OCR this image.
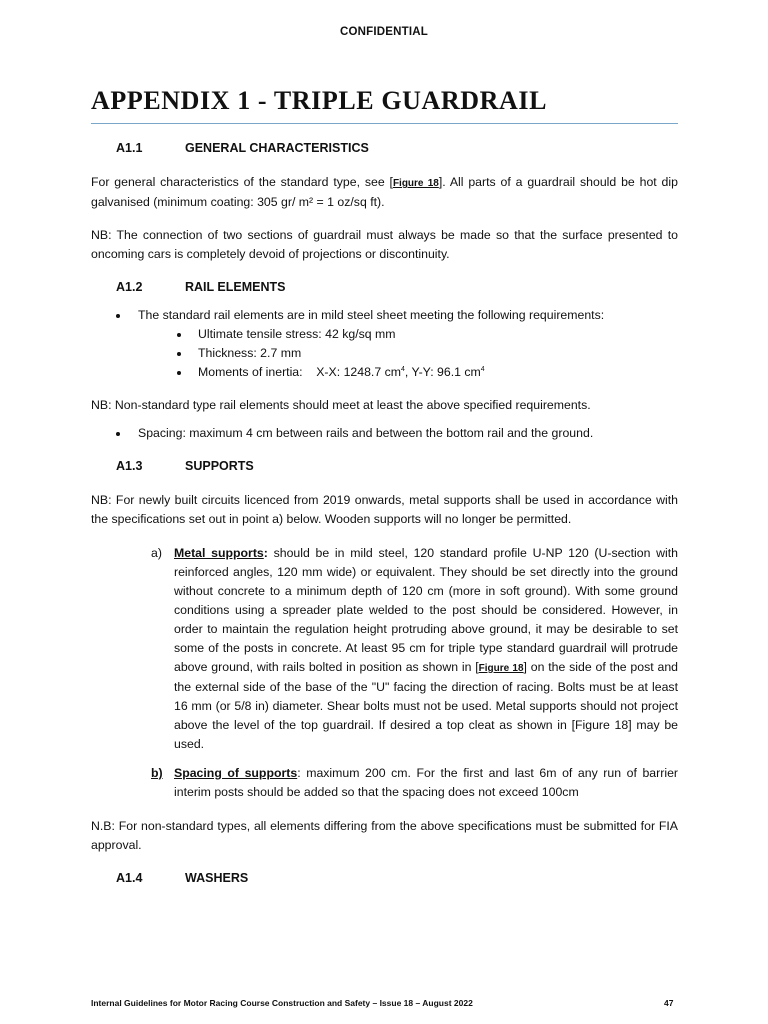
CONFIDENTIAL
APPENDIX 1 - TRIPLE GUARDRAIL
A1.1	GENERAL CHARACTERISTICS
For general characteristics of the standard type, see [Figure 18]. All parts of a guardrail should be hot dip galvanised (minimum coating: 305 gr/ m² = 1 oz/sq ft).
NB: The connection of two sections of guardrail must always be made so that the surface presented to oncoming cars is completely devoid of projections or discontinuity.
A1.2	RAIL ELEMENTS
The standard rail elements are in mild steel sheet meeting the following requirements:
Ultimate tensile stress: 42 kg/sq mm
Thickness: 2.7 mm
Moments of inertia:    X-X: 1248.7 $cm^4$, Y-Y: 96.1 $cm^4$
NB: Non-standard type rail elements should meet at least the above specified requirements.
Spacing: maximum 4 cm between rails and between the bottom rail and the ground.
A1.3	SUPPORTS
NB: For newly built circuits licenced from 2019 onwards, metal supports shall be used in accordance with the specifications set out in point a) below. Wooden supports will no longer be permitted.
a) Metal supports: should be in mild steel, 120 standard profile U-NP 120 (U-section with reinforced angles, 120 mm wide) or equivalent. They should be set directly into the ground without concrete to a minimum depth of 120 cm (more in soft ground). With some ground conditions using a spreader plate welded to the post should be considered. However, in order to maintain the regulation height protruding above ground, it may be desirable to set some of the posts in concrete. At least 95 cm for triple type standard guardrail will protrude above ground, with rails bolted in position as shown in [Figure 18] on the side of the post and the external side of the base of the "U" facing the direction of racing. Bolts must be at least 16 mm (or 5/8 in) diameter. Shear bolts must not be used. Metal supports should not project above the level of the top guardrail. If desired a top cleat as shown in [Figure 18] may be used.
b) Spacing of supports: maximum 200 cm. For the first and last 6m of any run of barrier interim posts should be added so that the spacing does not exceed 100cm
N.B: For non-standard types, all elements differing from the above specifications must be submitted for FIA approval.
A1.4	WASHERS
Internal Guidelines for Motor Racing Course Construction and Safety – Issue 18 – August 2022	47
